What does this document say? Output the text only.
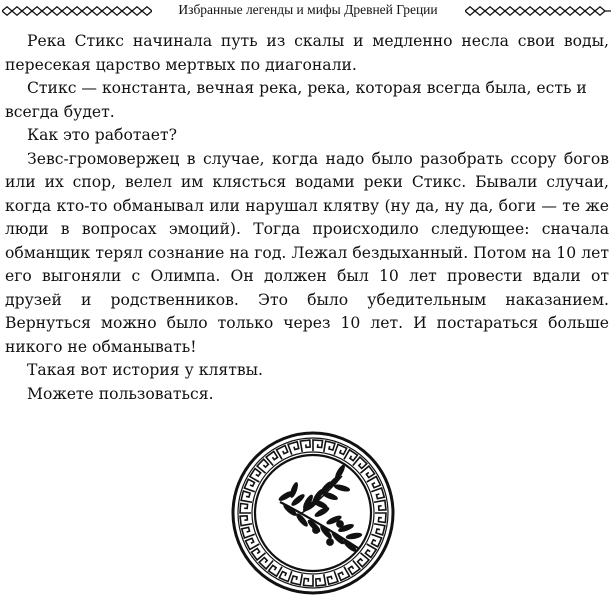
Избранные легенды и мифы Древней Греции

Река Стикс начинала путь из скалы и медленно несла свои воды, пересекая царство мертвых по диагонали.

Стикс — константа, вечная река, река, которая всегда была, есть и всегда будет.

Как это работает?

Зевс-громовержец в случае, когда надо было разобрать ссору богов или их спор, велел им клясться водами реки Стикс. Бывали случаи, когда кто-то обманывал или нарушал клятву (ну да, ну да, боги — те же люди в вопросах эмоций). Тогда происходило следующее: сначала обманщик терял сознание на год. Лежал бездыханный. Потом на 10 лет его выгоняли с Олимпа. Он должен был 10 лет провести вдали от друзей и родственников. Это было убедительным наказанием. Вернуться можно было только через 10 лет. И постараться больше никого не обманывать!

Такая вот история у клятвы.

Можете пользоваться.
